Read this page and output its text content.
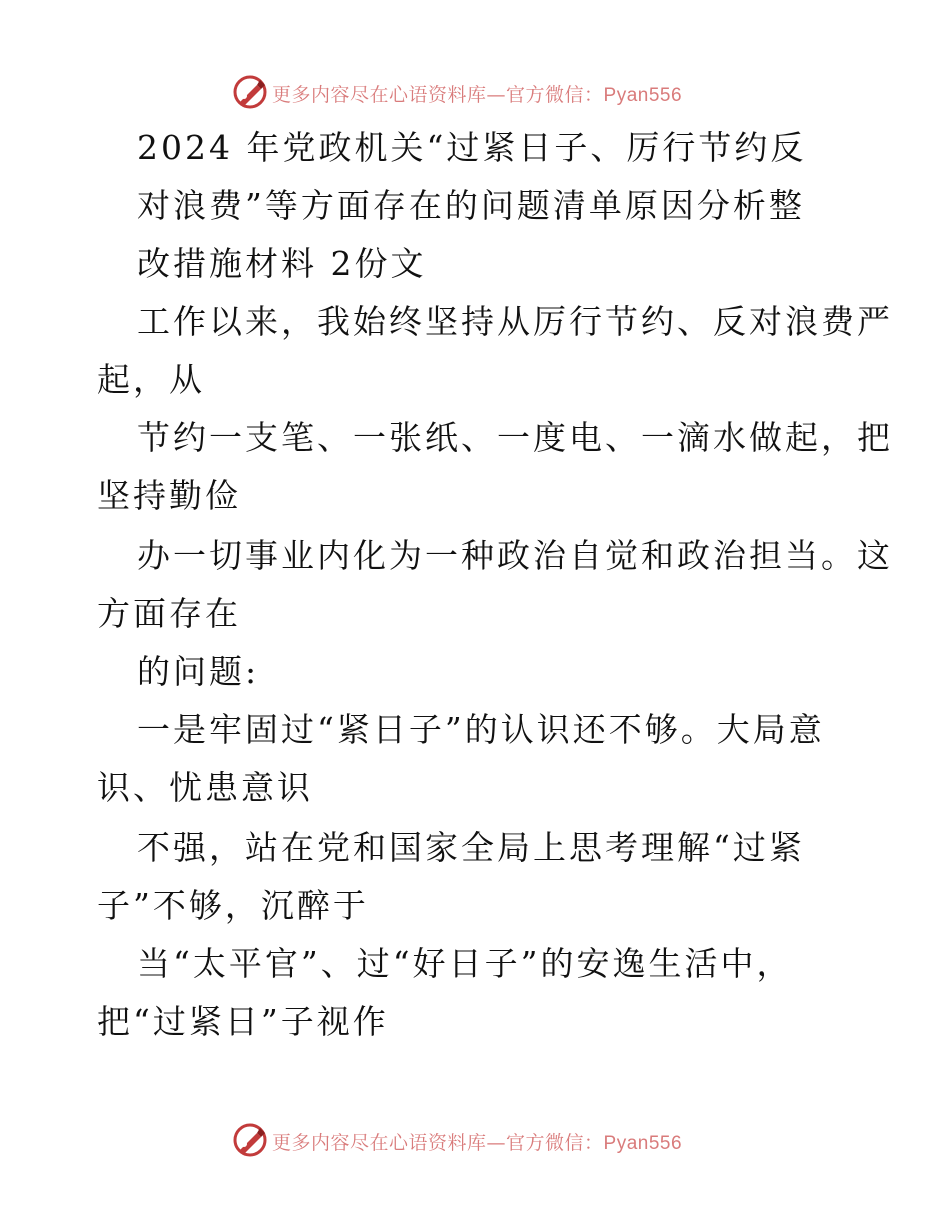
更多内容尽在心语资料库—官方微信：Pyan556
2024 年党政机关“过紧日子、厉行节约反
对浪费”等方面存在的问题清单原因分析整
改措施材料 2份文
工作以来，我始终坚持从厉行节约、反对浪费严
起，从
节约一支笔、一张纸、一度电、一滴水做起，把
坚持勤俭
办一切事业内化为一种政治自觉和政治担当。这
方面存在
的问题:
一是牢固过“紧日子”的认识还不够。大局意
识、忧患意识
不强，站在党和国家全局上思考理解“过紧
子”不够，沉醉于
当“太平官”、过“好日子”的安逸生活中，
把“过紧日”子视作
更多内容尽在心语资料库—官方微信：Pyan556
